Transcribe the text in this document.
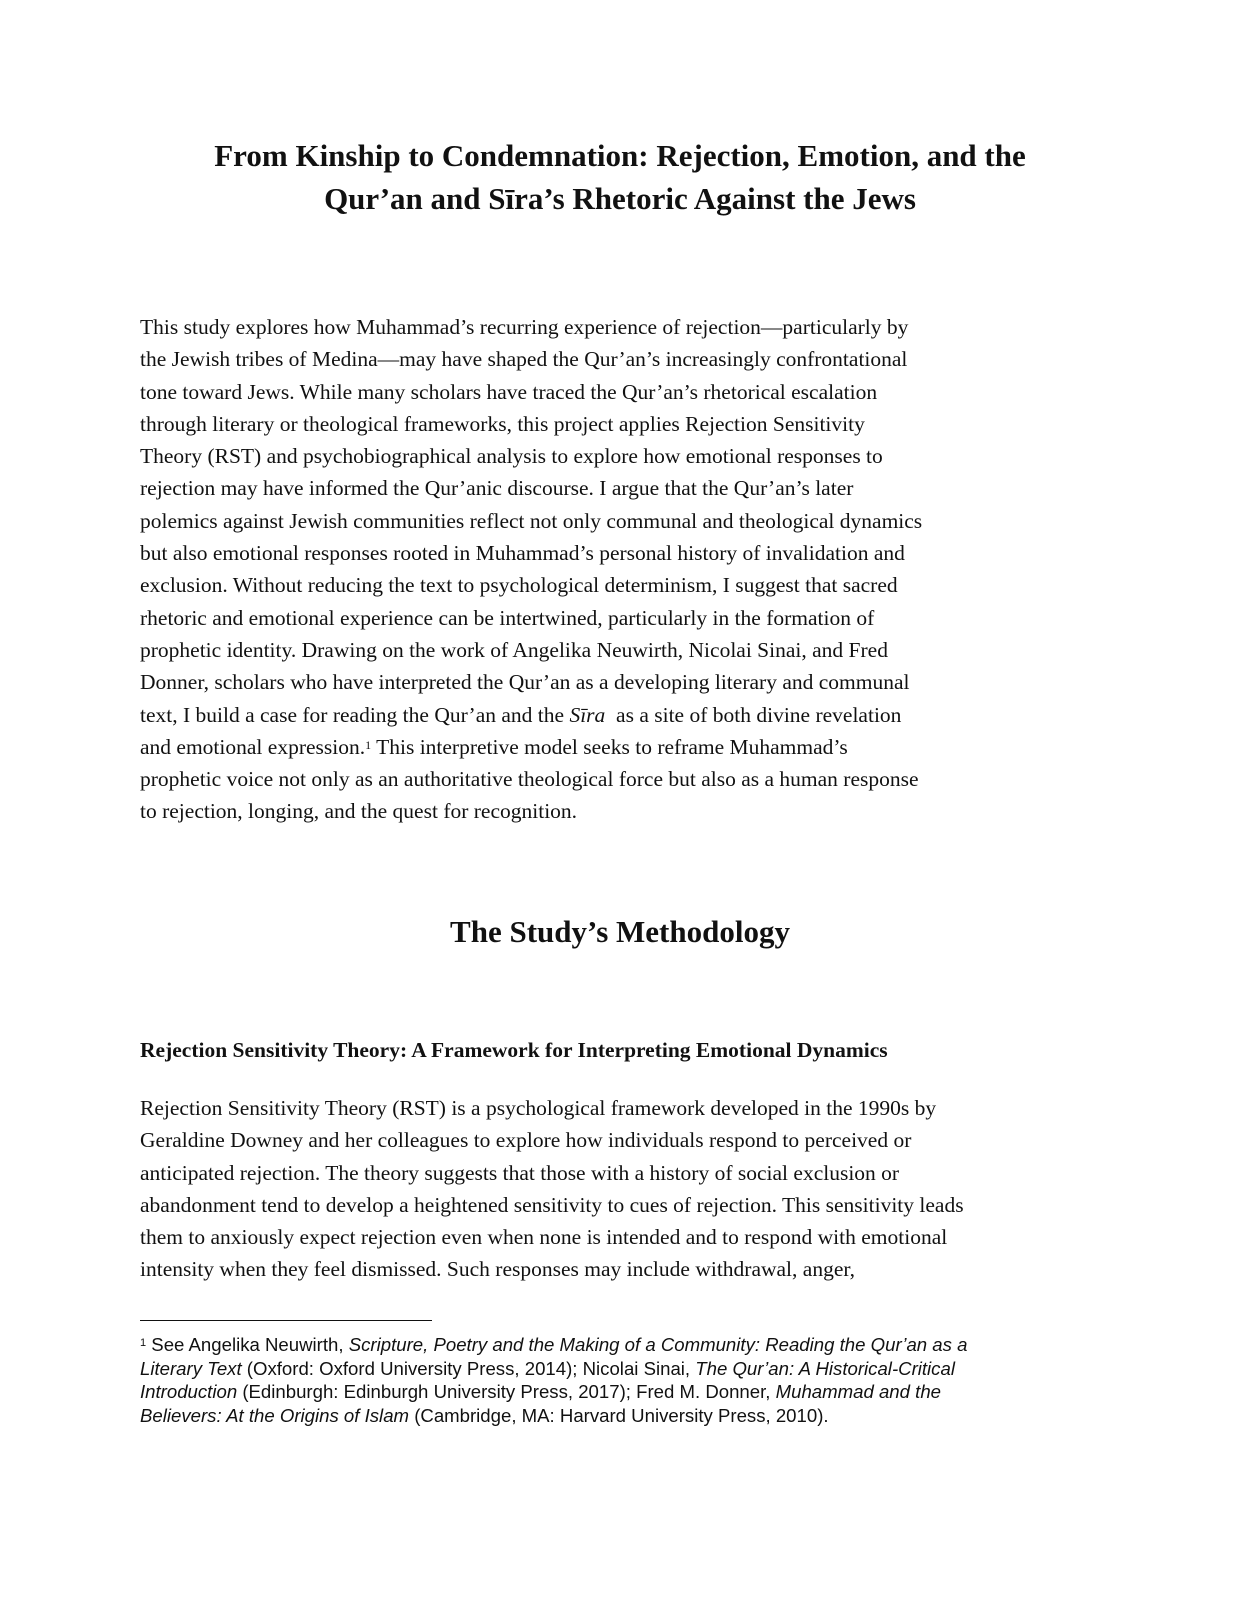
From Kinship to Condemnation: Rejection, Emotion, and the
Qur’an and Sīra’s Rhetoric Against the Jews
This study explores how Muhammad’s recurring experience of rejection—particularly by
the Jewish tribes of Medina—may have shaped the Qur’an’s increasingly confrontational
tone toward Jews. While many scholars have traced the Qur’an’s rhetorical escalation
through literary or theological frameworks, this project applies Rejection Sensitivity
Theory (RST) and psychobiographical analysis to explore how emotional responses to
rejection may have informed the Qur’anic discourse. I argue that the Qur’an’s later
polemics against Jewish communities reflect not only communal and theological dynamics
but also emotional responses rooted in Muhammad’s personal history of invalidation and
exclusion. Without reducing the text to psychological determinism, I suggest that sacred
rhetoric and emotional experience can be intertwined, particularly in the formation of
prophetic identity. Drawing on the work of Angelika Neuwirth, Nicolai Sinai, and Fred
Donner, scholars who have interpreted the Qur’an as a developing literary and communal
text, I build a case for reading the Qur’an and the Sīra  as a site of both divine revelation
and emotional expression.$^1$ This interpretive model seeks to reframe Muhammad’s
prophetic voice not only as an authoritative theological force but also as a human response
to rejection, longing, and the quest for recognition.
The Study’s Methodology
Rejection Sensitivity Theory: A Framework for Interpreting Emotional Dynamics
Rejection Sensitivity Theory (RST) is a psychological framework developed in the 1990s by
Geraldine Downey and her colleagues to explore how individuals respond to perceived or
anticipated rejection. The theory suggests that those with a history of social exclusion or
abandonment tend to develop a heightened sensitivity to cues of rejection. This sensitivity leads
them to anxiously expect rejection even when none is intended and to respond with emotional
intensity when they feel dismissed. Such responses may include withdrawal, anger,
$^1$ See Angelika Neuwirth, Scripture, Poetry and the Making of a Community: Reading the Qur’an as a
Literary Text (Oxford: Oxford University Press, 2014); Nicolai Sinai, The Qur’an: A Historical-Critical
Introduction (Edinburgh: Edinburgh University Press, 2017); Fred M. Donner, Muhammad and the
Believers: At the Origins of Islam (Cambridge, MA: Harvard University Press, 2010).
